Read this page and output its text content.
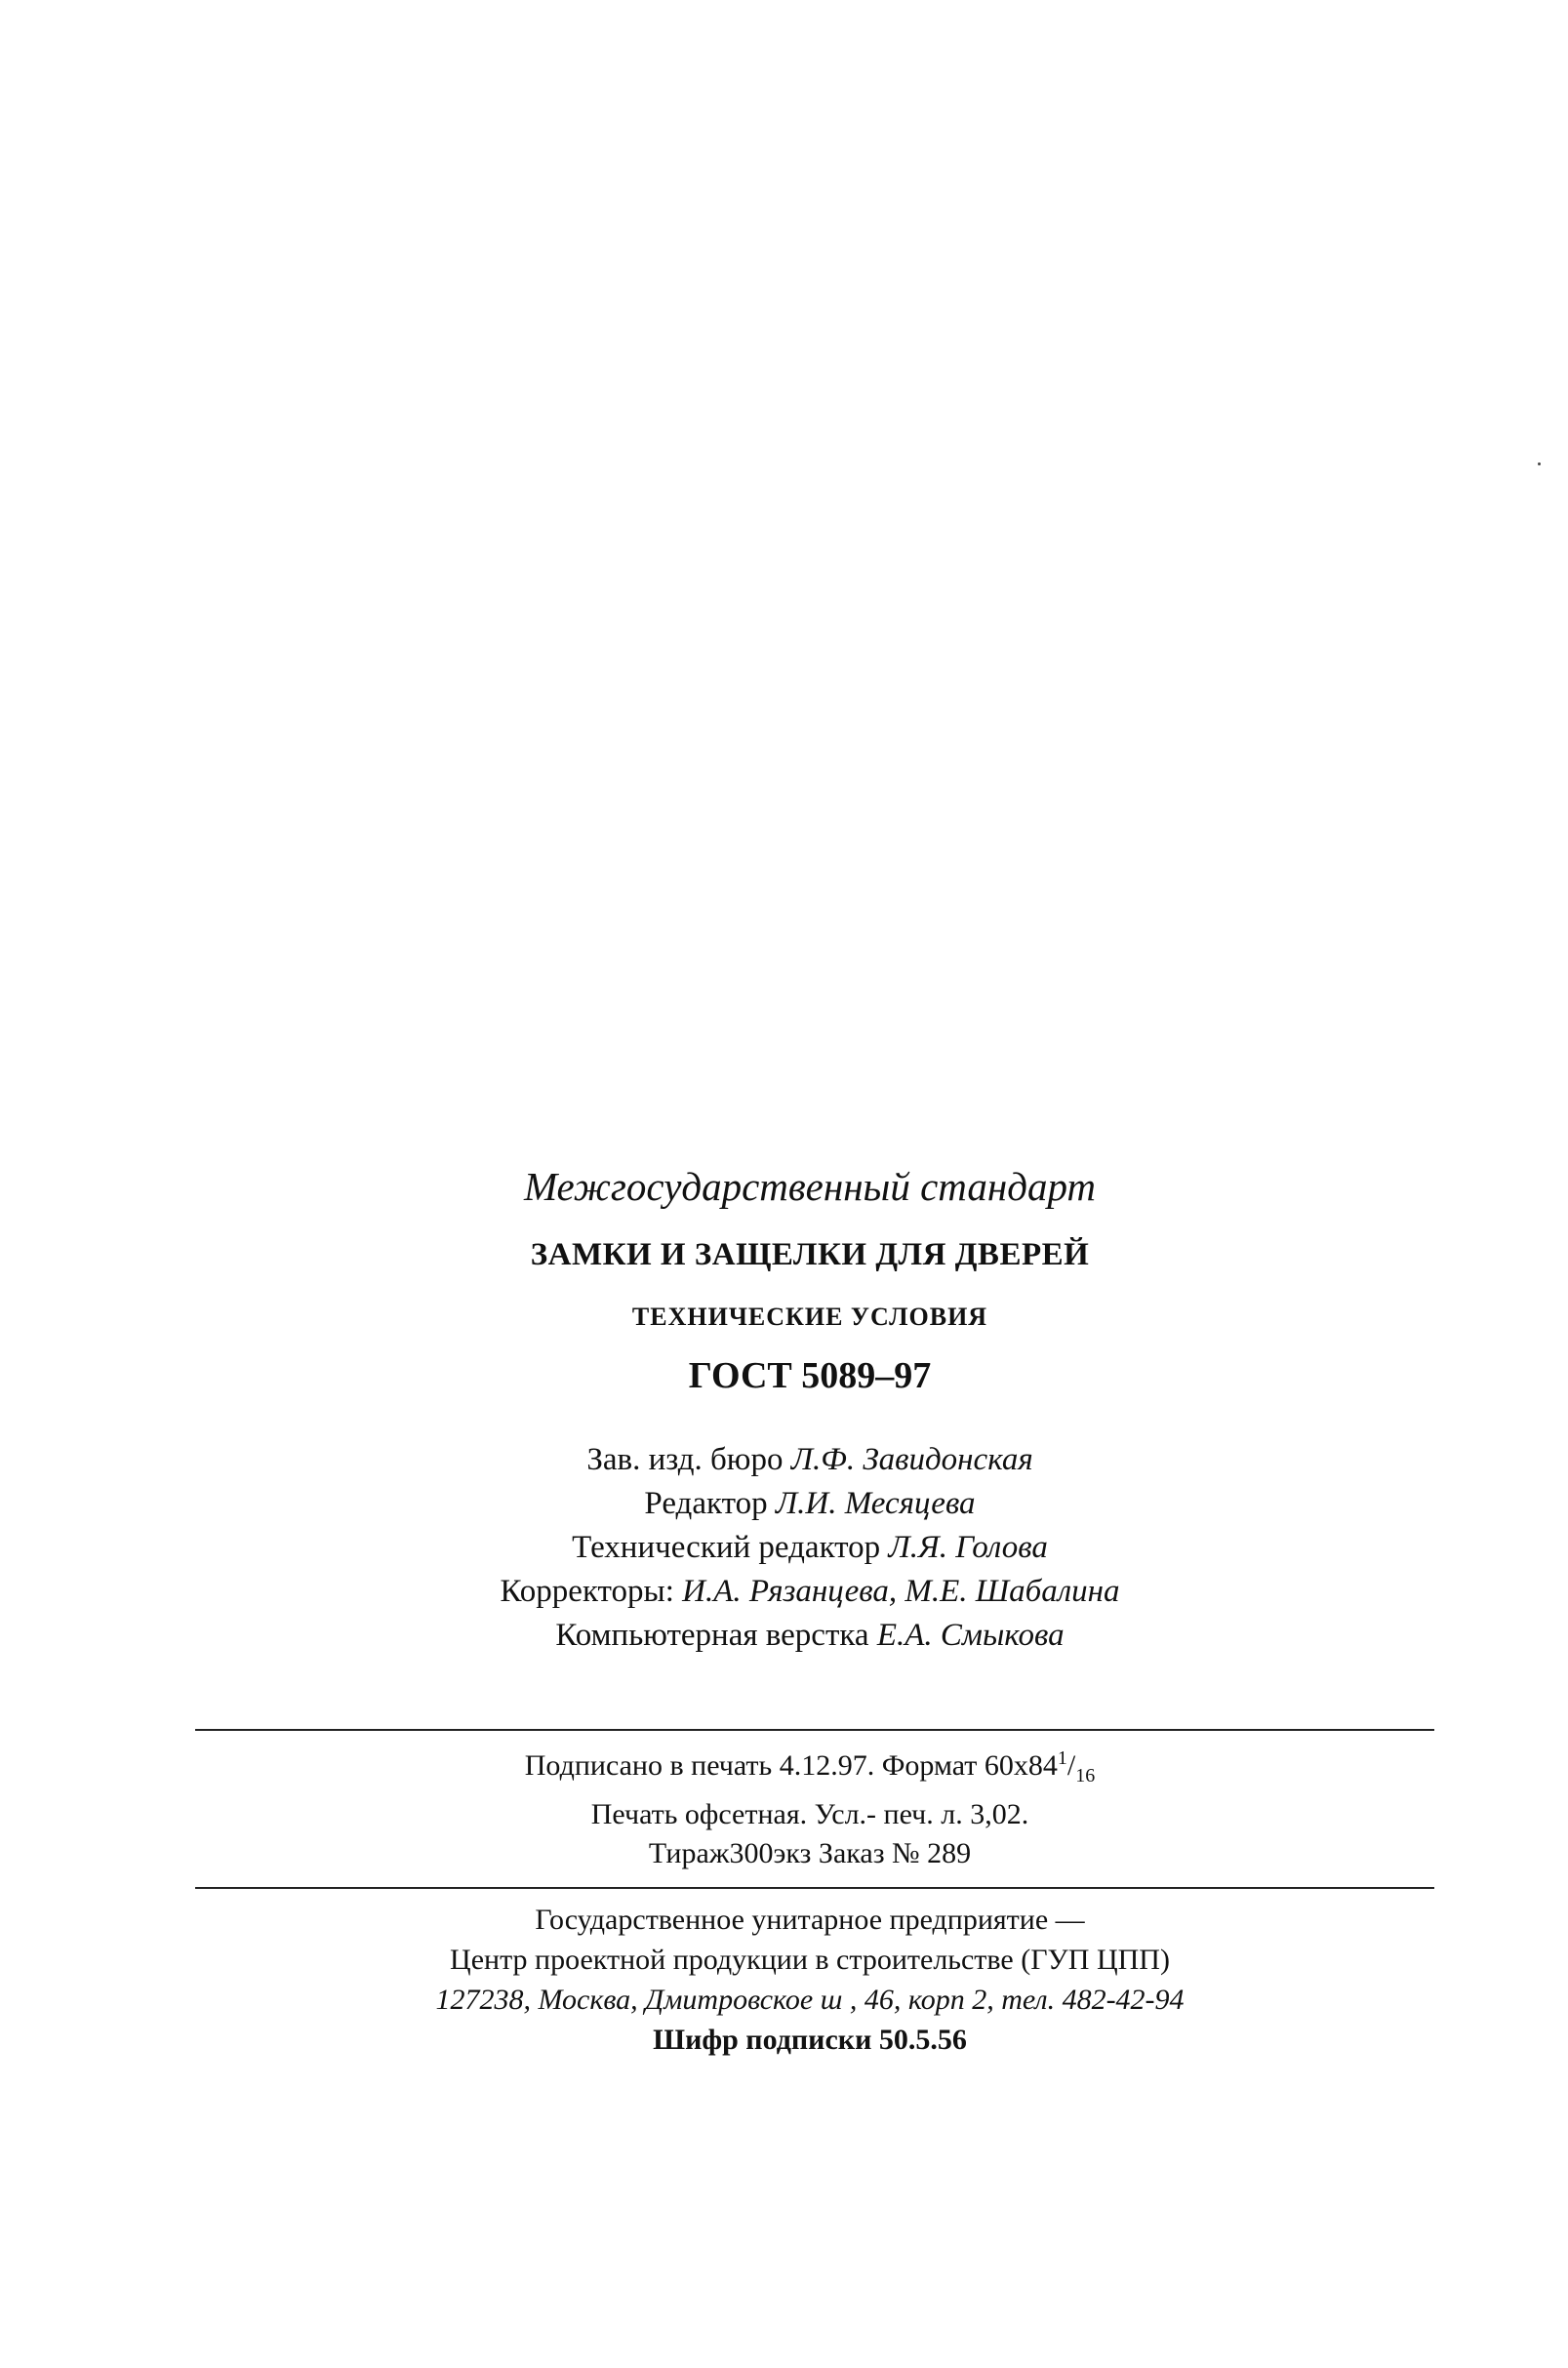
Межгосударственный стандарт

ЗАМКИ И ЗАЩЕЛКИ ДЛЯ ДВЕРЕЙ

ТЕХНИЧЕСКИЕ УСЛОВИЯ

ГОСТ 5089–97

Зав. изд. бюро Л.Ф. Завидонская
Редактор Л.И. Месяцева
Технический редактор Л.Я. Голова
Корректоры: И.А. Рязанцева, М.Е. Шабалина
Компьютерная верстка Е.А. Смыкова
Подписано в печать 4.12.97. Формат $60х84^1/_{16}$
Печать офсетная. Усл.- печ. л. 3,02.
Тираж300экз Заказ № 289
Государственное унитарное предприятие —
Центр проектной продукции в строительстве (ГУП ЦПП)
127238, Москва, Дмитровское ш , 46, корп 2, тел. 482-42-94
Шифр подписки 50.5.56
